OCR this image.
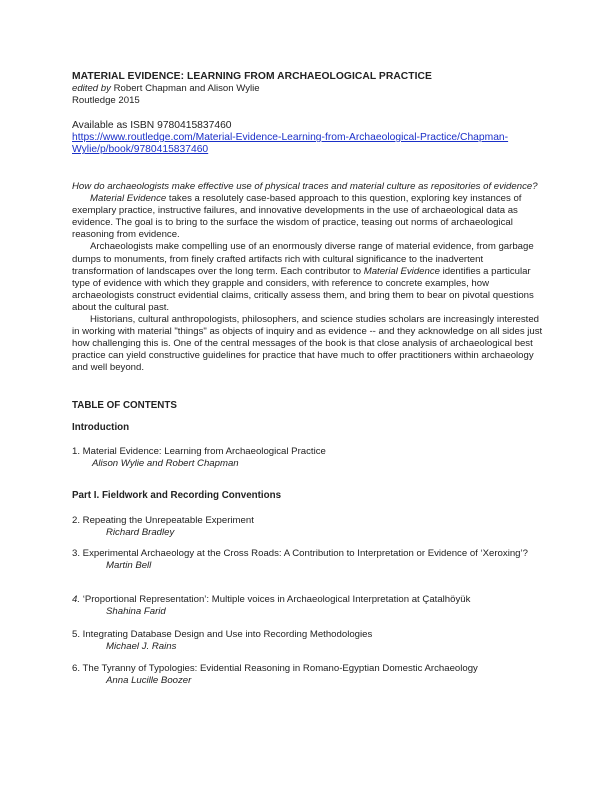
MATERIAL EVIDENCE: LEARNING FROM ARCHAEOLOGICAL PRACTICE
edited by Robert Chapman and Alison Wylie
Routledge 2015
Available as ISBN 9780415837460
https://www.routledge.com/Material-Evidence-Learning-from-Archaeological-Practice/Chapman-
Wylie/p/book/9780415837460
How do archaeologists make effective use of physical traces and material culture as repositories of evidence?

Material Evidence takes a resolutely case-based approach to this question, exploring key instances of exemplary practice, instructive failures, and innovative developments in the use of archaeological data as evidence. The goal is to bring to the surface the wisdom of practice, teasing out norms of archaeological reasoning from evidence.

Archaeologists make compelling use of an enormously diverse range of material evidence, from garbage dumps to monuments, from finely crafted artifacts rich with cultural significance to the inadvertent transformation of landscapes over the long term. Each contributor to Material Evidence identifies a particular type of evidence with which they grapple and considers, with reference to concrete examples, how archaeologists construct evidential claims, critically assess them, and bring them to bear on pivotal questions about the cultural past.

Historians, cultural anthropologists, philosophers, and science studies scholars are increasingly interested in working with material "things" as objects of inquiry and as evidence -- and they acknowledge on all sides just how challenging this is. One of the central messages of the book is that close analysis of archaeological best practice can yield constructive guidelines for practice that have much to offer practitioners within archaeology and well beyond.

TABLE OF CONTENTS
Introduction
1. Material Evidence: Learning from Archaeological Practice
Alison Wylie and Robert Chapman
Part I. Fieldwork and Recording Conventions
2. Repeating the Unrepeatable Experiment
Richard Bradley
3. Experimental Archaeology at the Cross Roads: A Contribution to Interpretation or Evidence of ‘Xeroxing’?
Martin Bell
4. ‘Proportional Representation’: Multiple voices in Archaeological Interpretation at Çatalhöyük
Shahina Farid
5. Integrating Database Design and Use into Recording Methodologies
Michael J. Rains
6. The Tyranny of Typologies: Evidential Reasoning in Romano-Egyptian Domestic Archaeology
Anna Lucille Boozer
